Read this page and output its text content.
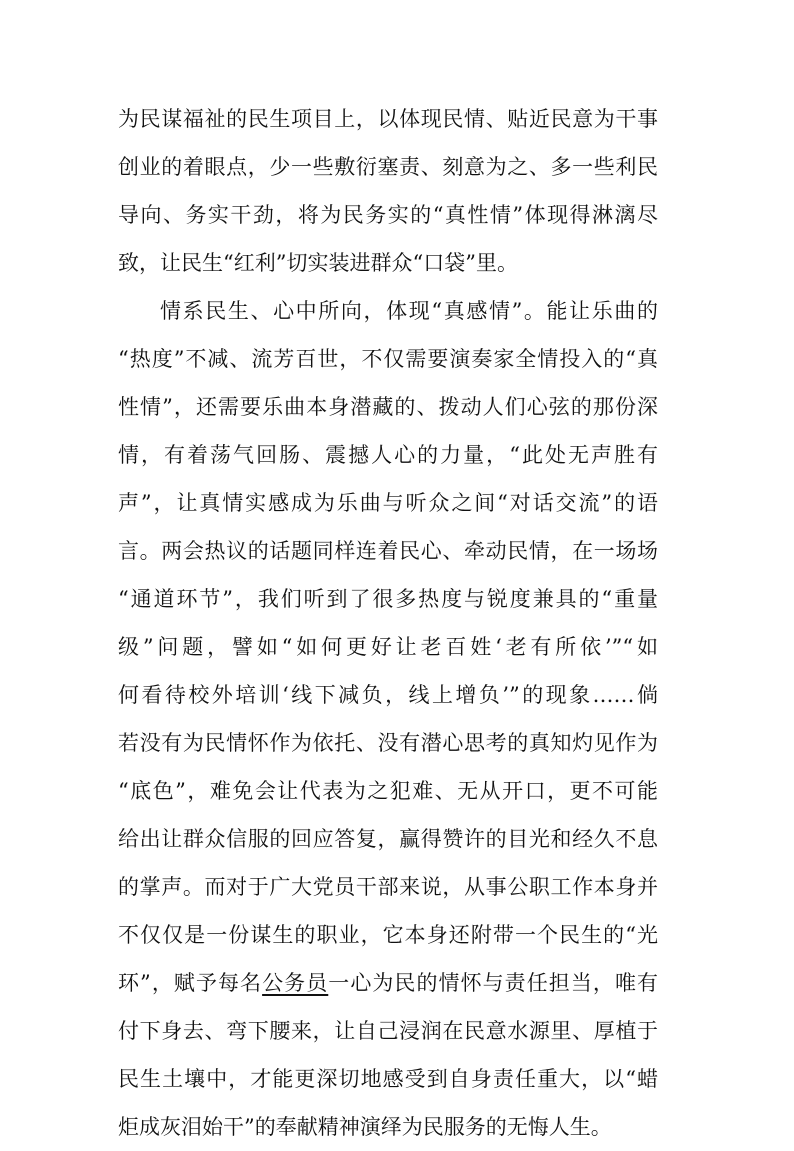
为民谋福祉的民生项目上，以体现民情、贴近民意为干事
创业的着眼点，少一些敷衍塞责、刻意为之、多一些利民
导向、务实干劲，将为民务实的“真性情”体现得淋漓尽
致，让民生“红利”切实装进群众“口袋”里。
情系民生、心中所向，体现“真感情”。能让乐曲的
“热度”不减、流芳百世，不仅需要演奏家全情投入的“真
性情”，还需要乐曲本身潜藏的、拨动人们心弦的那份深
情，有着荡气回肠、震撼人心的力量，“此处无声胜有
声”，让真情实感成为乐曲与听众之间“对话交流”的语
言。两会热议的话题同样连着民心、牵动民情，在一场场
“通道环节”，我们听到了很多热度与锐度兼具的“重量
级”问题，譬如“如何更好让老百姓‘老有所依’”“如
何看待校外培训‘线下减负，线上增负’”的现象……倘
若没有为民情怀作为依托、没有潜心思考的真知灼见作为
“底色”，难免会让代表为之犯难、无从开口，更不可能
给出让群众信服的回应答复，赢得赞许的目光和经久不息
的掌声。而对于广大党员干部来说，从事公职工作本身并
不仅仅是一份谋生的职业，它本身还附带一个民生的“光
环”，赋予每名公务员一心为民的情怀与责任担当，唯有
付下身去、弯下腰来，让自己浸润在民意水源里、厚植于
民生土壤中，才能更深切地感受到自身责任重大，以“蜡
炬成灰泪始干”的奉献精神演绎为民服务的无悔人生。
